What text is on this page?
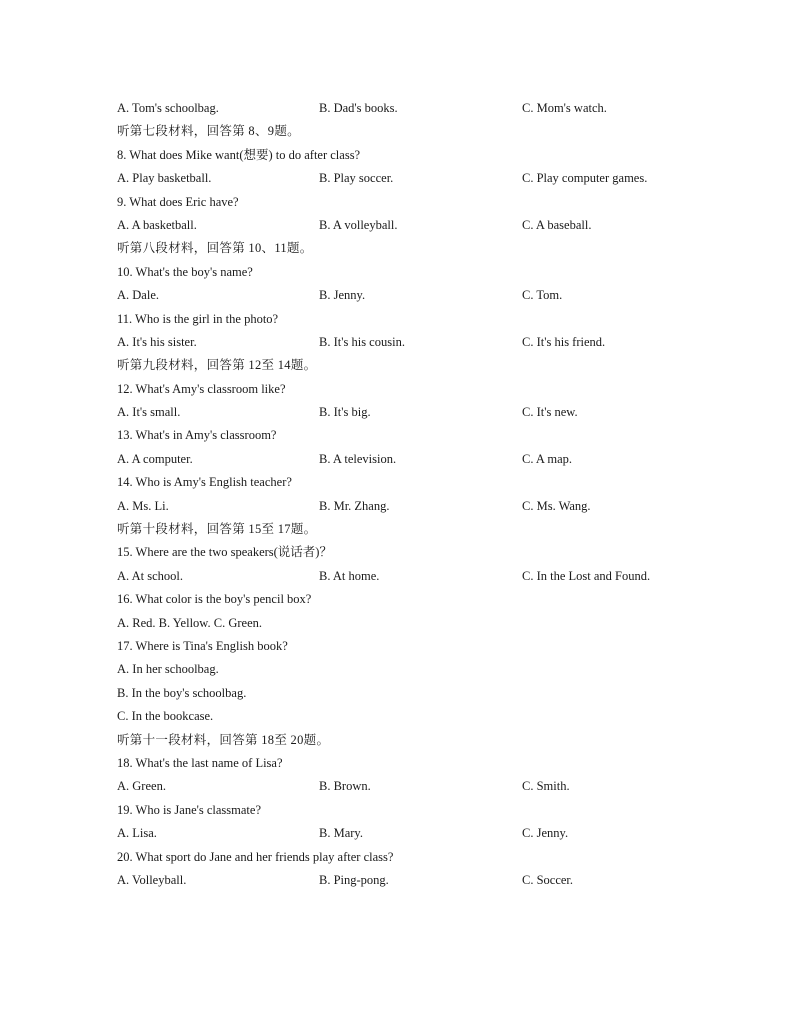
A. Tom's schoolbag.	B. Dad's books.	C. Mom's watch.
听第七段材料，回答第 8、9题。
8. What does Mike want(想要) to do after class?
A. Play basketball.	B. Play soccer.	C. Play computer games.
9. What does Eric have?
A. A basketball.	B. A volleyball.	C. A baseball.
听第八段材料，回答第 10、11题。
10. What's the boy's name?
A. Dale.	B. Jenny.	C. Tom.
11. Who is the girl in the photo?
A. It's his sister.	B. It's his cousin.	C. It's his friend.
听第九段材料，回答第 12至 14题。
12. What's Amy's classroom like?
A. It's small.	B. It's big.	C. It's new.
13. What's in Amy's classroom?
A. A computer.	B. A television.	C. A map.
14. Who is Amy's English teacher?
A. Ms. Li.	B. Mr. Zhang.	C. Ms. Wang.
听第十段材料，回答第 15至 17题。
15. Where are the two speakers(说话者)？
A. At school.	B. At home.	C. In the Lost and Found.
16. What color is the boy's pencil box?
A. Red. B. Yellow. C. Green.
17. Where is Tina's English book?
A. In her schoolbag.
B. In the boy's schoolbag.
C. In the bookcase.
听第十一段材料，回答第 18至 20题。
18. What's the last name of Lisa?
A. Green.	B. Brown.	C. Smith.
19. Who is Jane's classmate?
A. Lisa.	B. Mary.	C. Jenny.
20. What sport do Jane and her friends play after class?
A. Volleyball.	B. Ping-pong.	C. Soccer.
